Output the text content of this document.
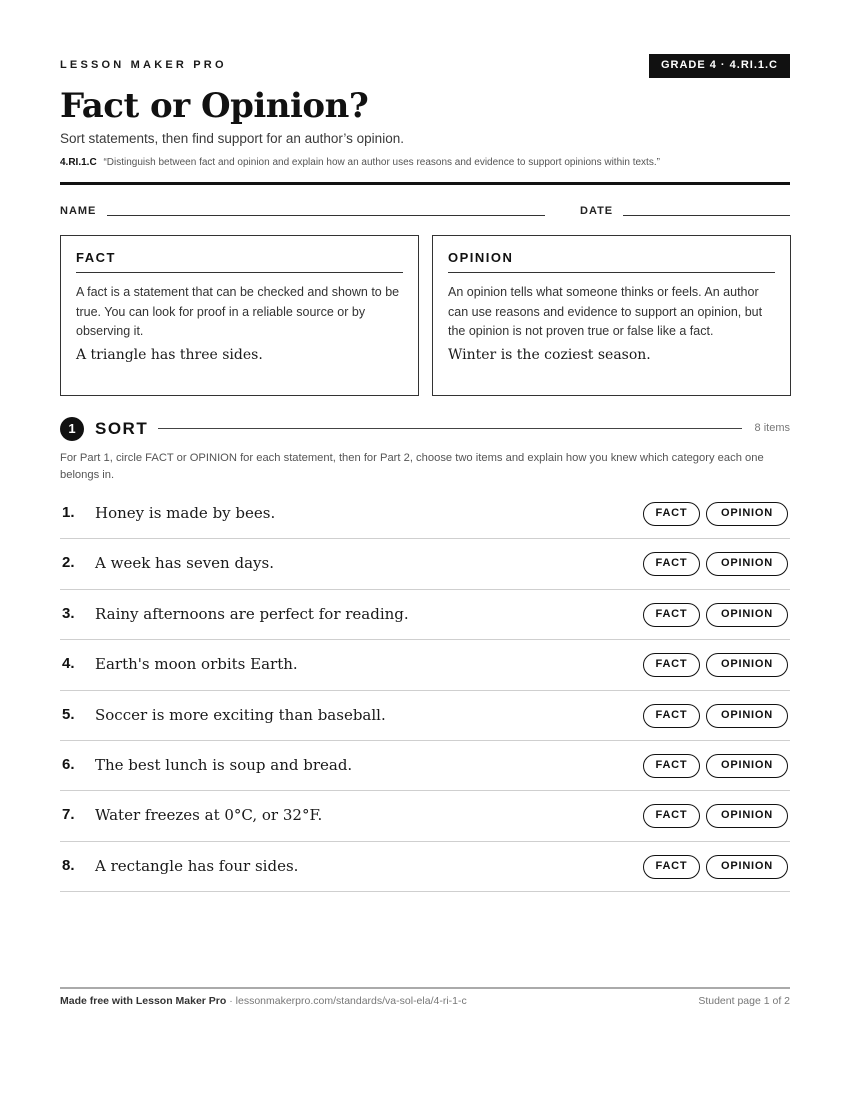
LESSON MAKER PRO	GRADE 4 · 4.RI.1.C
Fact or Opinion?
Sort statements, then find support for an author’s opinion.
4.RI.1.C “Distinguish between fact and opinion and explain how an author uses reasons and evidence to support opinions within texts.”
NAME	DATE
FACT
A fact is a statement that can be checked and shown to be true. You can look for proof in a reliable source or by observing it.
A triangle has three sides.
OPINION
An opinion tells what someone thinks or feels. An author can use reasons and evidence to support an opinion, but the opinion is not proven true or false like a fact.
Winter is the coziest season.
1	SORT	8 items
For Part 1, circle FACT or OPINION for each statement, then for Part 2, choose two items and explain how you knew which category each one belongs in.
1. Honey is made by bees.	FACT	OPINION
2. A week has seven days.	FACT	OPINION
3. Rainy afternoons are perfect for reading.	FACT	OPINION
4. Earth's moon orbits Earth.	FACT	OPINION
5. Soccer is more exciting than baseball.	FACT	OPINION
6. The best lunch is soup and bread.	FACT	OPINION
7. Water freezes at 0°C, or 32°F.	FACT	OPINION
8. A rectangle has four sides.	FACT	OPINION
Made free with Lesson Maker Pro · lessonmakerpro.com/standards/va-sol-ela/4-ri-1-c	Student page 1 of 2
